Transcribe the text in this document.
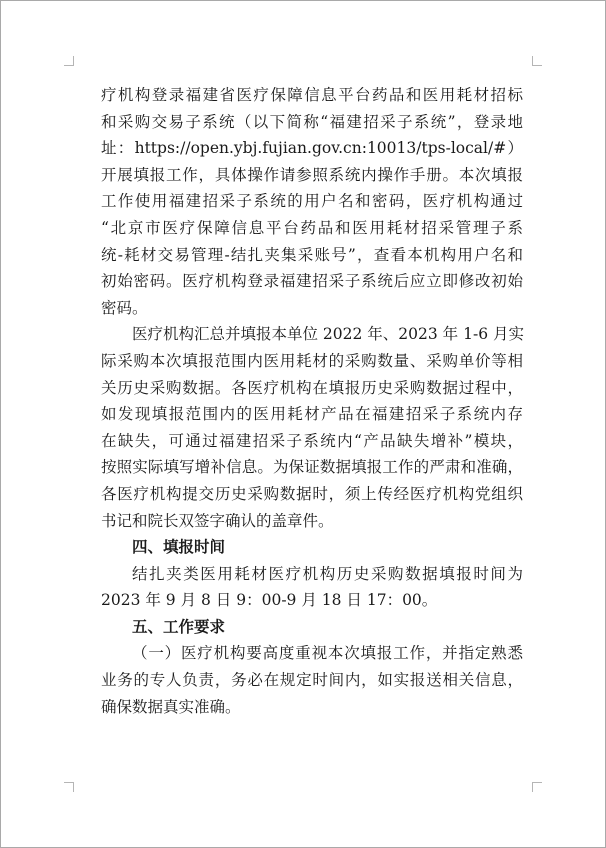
疗机构登录福建省医疗保障信息平台药品和医用耗材招标

和采购交易子系统（以下简称“福建招采子系统”，登录地

址：https://open.ybj.fujian.gov.cn:10013/tps-local/#）

开展填报工作，具体操作请参照系统内操作手册。本次填报

工作使用福建招采子系统的用户名和密码，医疗机构通过

“北京市医疗保障信息平台药品和医用耗材招采管理子系

统-耗材交易管理-结扎夹集采账号”，查看本机构用户名和

初始密码。医疗机构登录福建招采子系统后应立即修改初始

密码。

医疗机构汇总并填报本单位 2022 年、2023 年 1-6 月实

际采购本次填报范围内医用耗材的采购数量、采购单价等相

关历史采购数据。各医疗机构在填报历史采购数据过程中，

如发现填报范围内的医用耗材产品在福建招采子系统内存

在缺失，可通过福建招采子系统内“产品缺失增补”模块，

按照实际填写增补信息。为保证数据填报工作的严肃和准确，

各医疗机构提交历史采购数据时，须上传经医疗机构党组织

书记和院长双签字确认的盖章件。

四、填报时间

结扎夹类医用耗材医疗机构历史采购数据填报时间为

2023 年 9 月 8 日 9：00-9 月 18 日 17：00。

五、工作要求

（一）医疗机构要高度重视本次填报工作，并指定熟悉

业务的专人负责，务必在规定时间内，如实报送相关信息，

确保数据真实准确。
